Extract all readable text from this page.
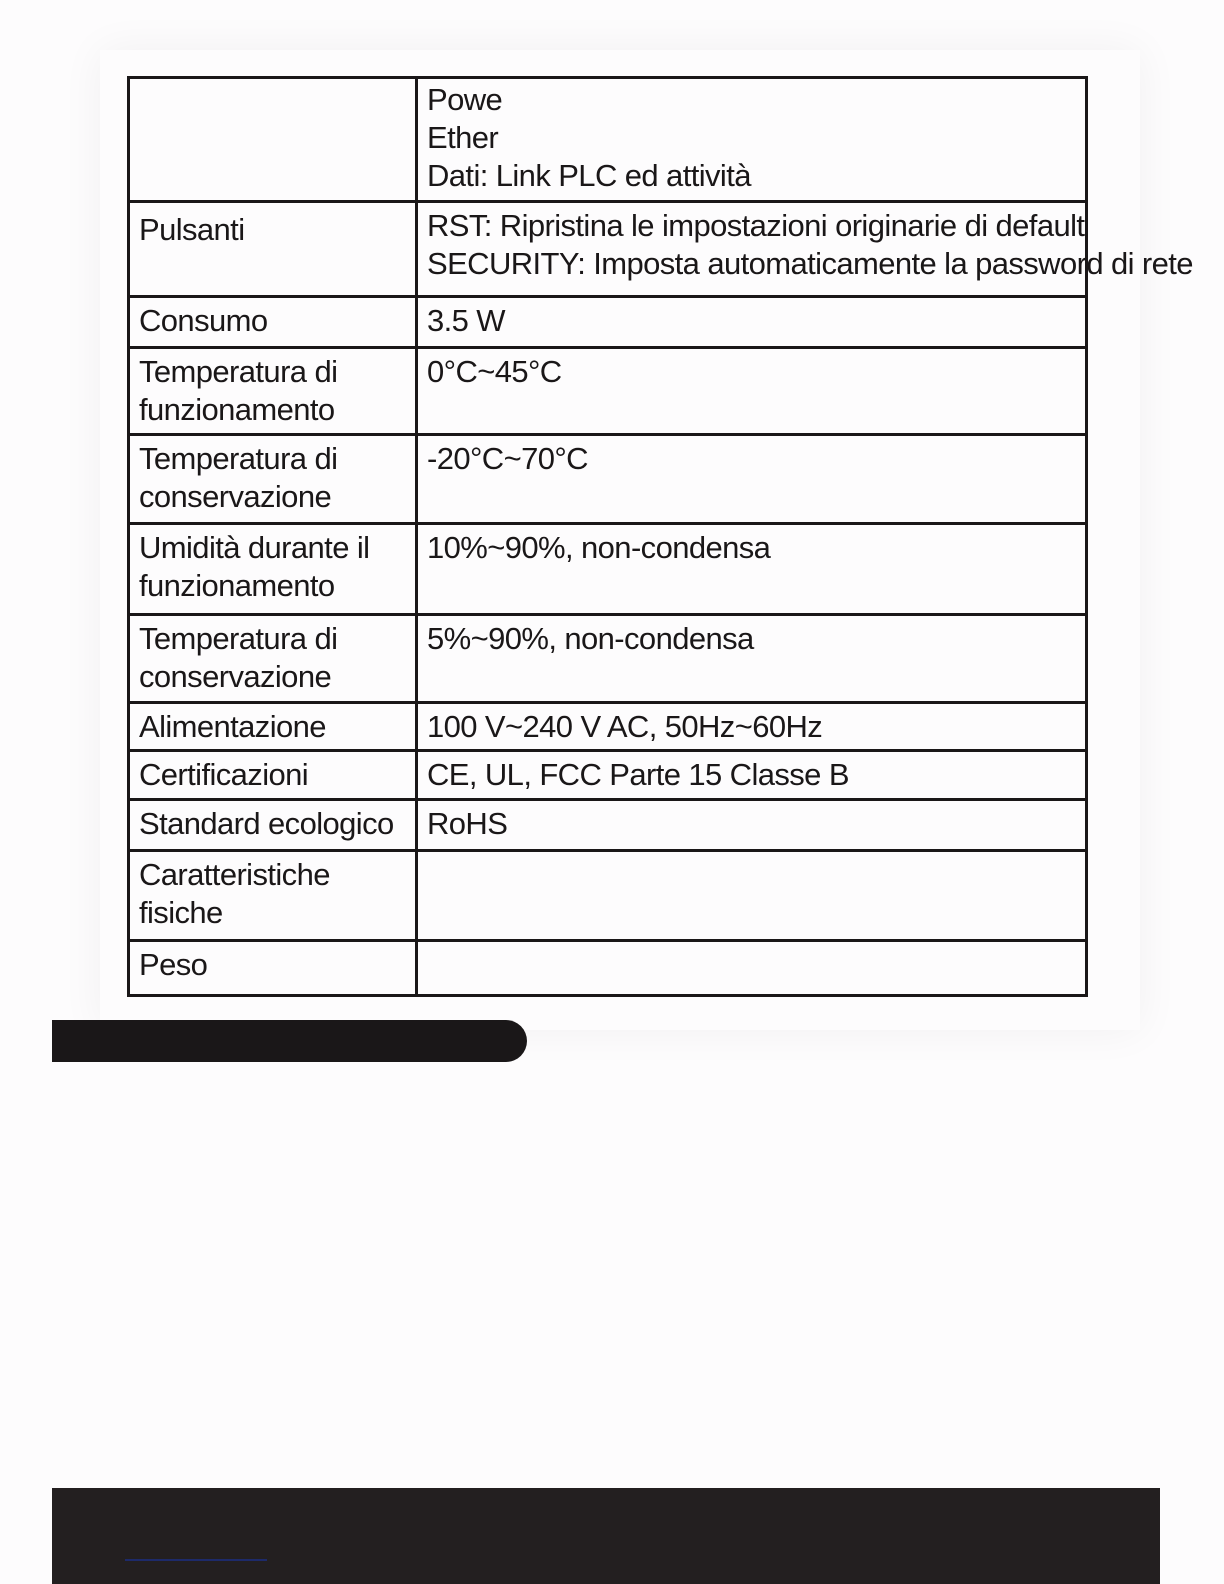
	Powe
Ether
Dati: Link PLC ed attività

Pulsanti	RST: Ripristina le impostazioni originarie di default
SECURITY: Imposta automaticamente la password di rete

Consumo	3.5 W

Temperatura di
funzionamento	0°C~45°C

Temperatura di
conservazione	-20°C~70°C

Umidità durante il
funzionamento	10%~90%, non-condensa

Temperatura di
conservazione	5%~90%, non-condensa

Alimentazione	100 V~240 V AC, 50Hz~60Hz

Certificazioni	CE, UL, FCC Parte 15 Classe B

Standard ecologico	RoHS

Caratteristiche
fisiche	

Peso	
